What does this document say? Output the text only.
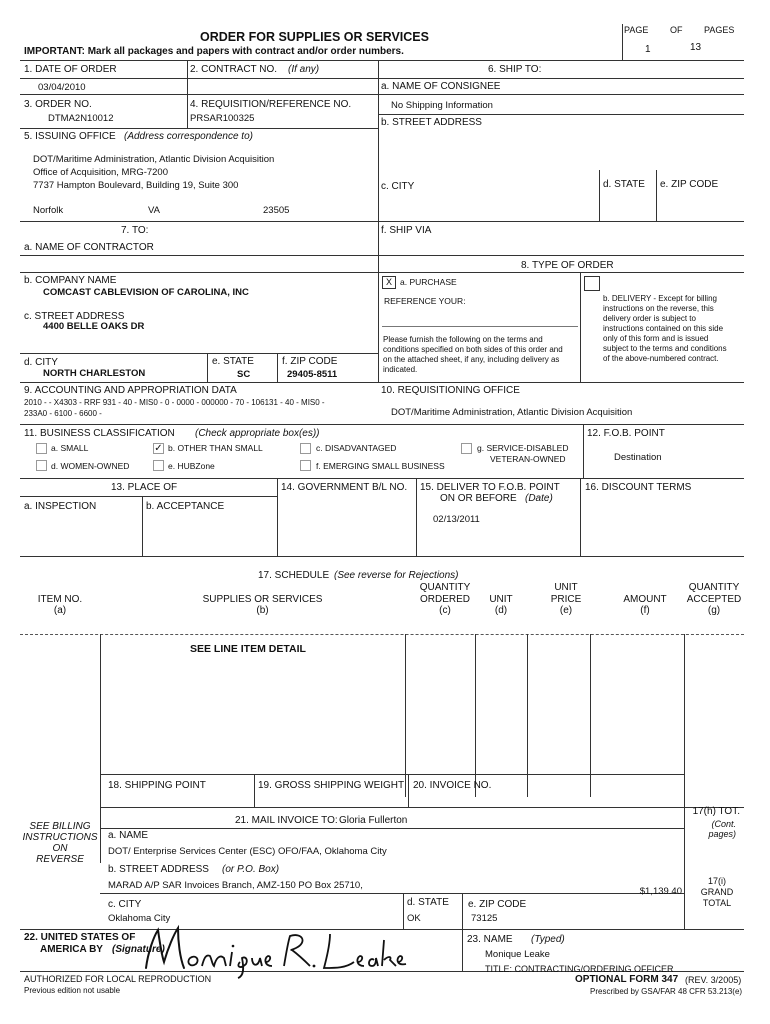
PAGE OF PAGES
1	13
ORDER FOR SUPPLIES OR SERVICES
IMPORTANT: Mark all packages and papers with contract and/or order numbers.
1. DATE OF ORDER
03/04/2010
2. CONTRACT NO. (If any)
3. ORDER NO.
DTMA2N10012
4. REQUISITION/REFERENCE NO.
PRSAR100325
5. ISSUING OFFICE (Address correspondence to)
DOT/Maritime Administration, Atlantic Division Acquisition
Office of Acquisition, MRG-7200
7737 Hampton Boulevard, Building 19, Suite 300
Norfolk	VA	23505
6. SHIP TO:
a. NAME OF CONSIGNEE
No Shipping Information
b. STREET ADDRESS
c. CITY	d. STATE e. ZIP CODE
f. SHIP VIA
7. TO:
a. NAME OF CONTRACTOR
b. COMPANY NAME
COMCAST CABLEVISION OF CAROLINA, INC
c. STREET ADDRESS
4400 BELLE OAKS DR
d. CITY
NORTH CHARLESTON
e. STATE
SC
f. ZIP CODE
29405-8511
8. TYPE OF ORDER
X a. PURCHASE
REFERENCE YOUR:
Please furnish the following on the terms and
conditions specified on both sides of this order and
on the attached sheet, if any, including delivery as
indicated.
b. DELIVERY - Except for billing
instructions on the reverse, this
delivery order is subject to
instructions contained on this side
only of this form and is issued
subject to the terms and conditions
of the above-numbered contract.
9. ACCOUNTING AND APPROPRIATION DATA
2010 - - X4303 - RRF 931 - 40 - MIS0 - 0 - 0000 - 000000 - 70 - 106131 - 40 - MIS0 -
233A0 - 6100 - 6600 -
10. REQUISITIONING OFFICE
DOT/Maritime Administration, Atlantic Division Acquisition
11. BUSINESS CLASSIFICATION (Check appropriate box(es))
a. SMALL	✓ b. OTHER THAN SMALL	c. DISADVANTAGED	g. SERVICE-DISABLED
VETERAN-OWNED
d. WOMEN-OWNED	e. HUBZone	f. EMERGING SMALL BUSINESS
12. F.O.B. POINT
Destination
13. PLACE OF
a. INSPECTION	b. ACCEPTANCE
14. GOVERNMENT B/L NO. 15. DELIVER TO F.O.B. POINT
ON OR BEFORE (Date)
02/13/2011
16. DISCOUNT TERMS
17. SCHEDULE (See reverse for Rejections)
ITEM NO.
(a)
SUPPLIES OR SERVICES
(b)
QUANTITY
ORDERED
(c)
UNIT
(d)
UNIT
PRICE
(e)
AMOUNT
(f)
QUANTITY
ACCEPTED
(g)
SEE LINE ITEM DETAIL
18. SHIPPING POINT	19. GROSS SHIPPING WEIGHT 20. INVOICE NO.
21. MAIL INVOICE TO: Gloria Fullerton
a. NAME
DOT/ Enterprise Services Center (ESC) OFO/FAA, Oklahoma City
b. STREET ADDRESS (or P.O. Box)
MARAD A/P SAR Invoices Branch, AMZ-150 PO Box 25710,
c. CITY
Oklahoma City
d. STATE
OK
e. ZIP CODE
73125
SEE BILLING
INSTRUCTIONS
ON
REVERSE
17(h) TOT.
(Cont.
pages)
17(i)
GRAND
TOTAL
$1,139.40
22. UNITED STATES OF
AMERICA BY (Signature)
23. NAME (Typed)
Monique Leake
TITLE: CONTRACTING/ORDERING OFFICER
AUTHORIZED FOR LOCAL REPRODUCTION
Previous edition not usable
OPTIONAL FORM 347 (REV. 3/2005)
Prescribed by GSA/FAR 48 CFR 53.213(e)
